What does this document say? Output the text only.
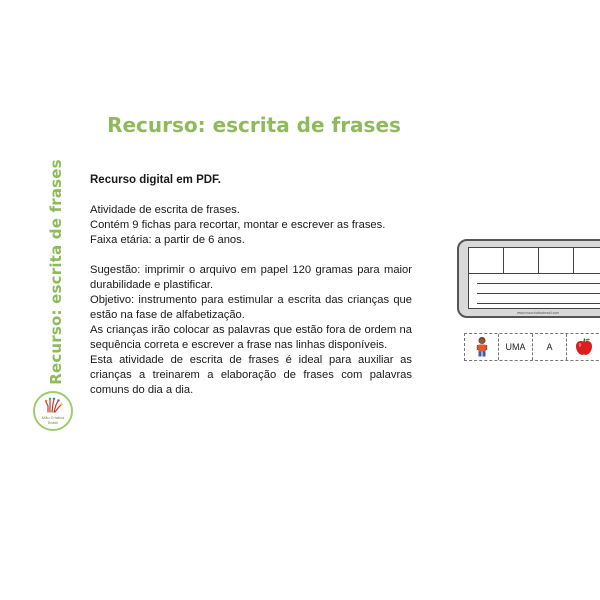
Recurso: escrita de frases
Recurso: escrita de frases
Mão Criativa
Brasil

Recurso digital em PDF.

Atividade de escrita de frases.

Contém 9 fichas para recortar, montar e escrever as frases.

Faixa etária: a partir de 6 anos.

Sugestão: imprimir o arquivo em papel 120 gramas para maior durabilidade e plastificar.

Objetivo: instrumento para estimular a escrita das crianças que estão na fase de alfabetização.

As crianças irão colocar as palavras que estão fora de ordem na sequência correta e escrever a frase nas linhas disponíveis.

Esta atividade de escrita de frases é ideal para auxiliar as crianças a treinarem a elaboração de frases com palavras comuns do dia a dia.

www.maocriativabrasil.com
UMA	A
